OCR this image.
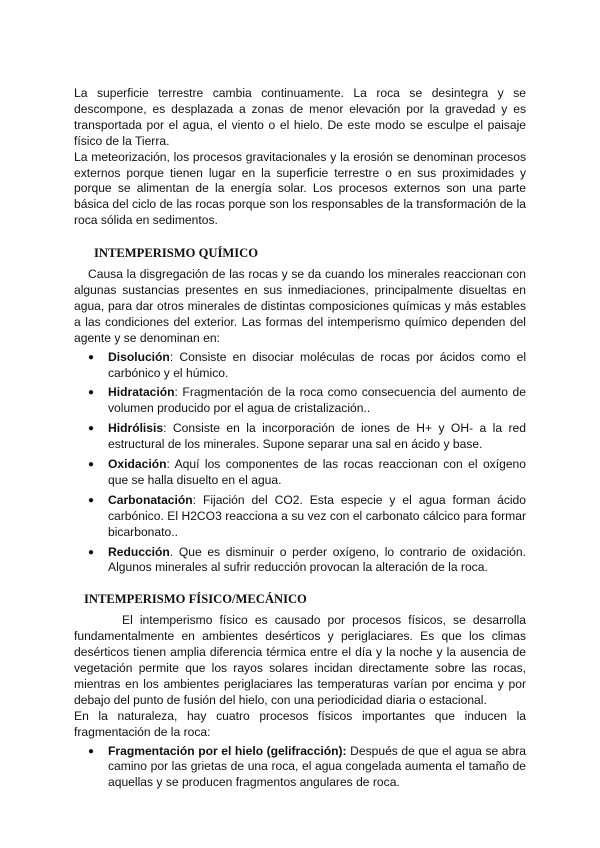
La superficie terrestre cambia continuamente. La roca se desintegra y se descompone, es desplazada a zonas de menor elevación por la gravedad y es transportada por el agua, el viento o el hielo. De este modo se esculpe el paisaje físico de la Tierra.

La meteorización, los procesos gravitacionales y la erosión se denominan procesos externos porque tienen lugar en la superficie terrestre o en sus proximidades y porque se alimentan de la energía solar. Los procesos externos son una parte básica del ciclo de las rocas porque son los responsables de la transformación de la roca sólida en sedimentos.

INTEMPERISMO QUÍMICO

Causa la disgregación de las rocas y se da cuando los minerales reaccionan con algunas sustancias presentes en sus inmediaciones, principalmente disueltas en agua, para dar otros minerales de distintas composiciones químicas y más estables a las condiciones del exterior. Las formas del intemperismo químico dependen del agente y se denominan en:

● Disolución: Consiste en disociar moléculas de rocas por ácidos como el carbónico y el húmico.
● Hidratación: Fragmentación de la roca como consecuencia del aumento de volumen producido por el agua de cristalización..
● Hidrólisis: Consiste en la incorporación de iones de H+ y OH- a la red estructural de los minerales. Supone separar una sal en ácido y base.
● Oxidación: Aquí los componentes de las rocas reaccionan con el oxígeno que se halla disuelto en el agua.
● Carbonatación: Fijación del CO2. Esta especie y el agua forman ácido carbónico. El H2CO3 reacciona a su vez con el carbonato cálcico para formar bicarbonato..
● Reducción. Que es disminuir o perder oxígeno, lo contrario de oxidación. Algunos minerales al sufrir reducción provocan la alteración de la roca.
INTEMPERISMO FÍSICO/MECÁNICO

El intemperismo físico es causado por procesos físicos, se desarrolla fundamentalmente en ambientes desérticos y periglaciares. Es que los climas desérticos tienen amplia diferencia térmica entre el día y la noche y la ausencia de vegetación permite que los rayos solares incidan directamente sobre las rocas, mientras en los ambientes periglaciares las temperaturas varían por encima y por debajo del punto de fusión del hielo, con una periodicidad diaria o estacional.

En la naturaleza, hay cuatro procesos físicos importantes que inducen la fragmentación de la roca:

● Fragmentación por el hielo (gelifracción): Después de que el agua se abra camino por las grietas de una roca, el agua congelada aumenta el tamaño de aquellas y se producen fragmentos angulares de roca.
